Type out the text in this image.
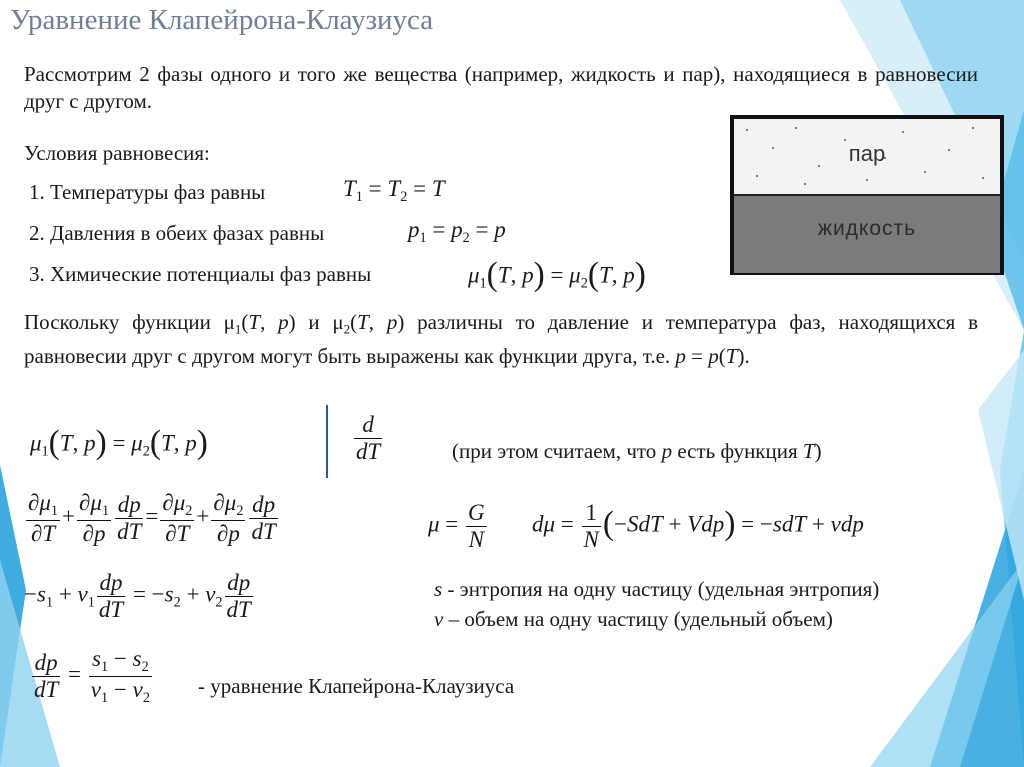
Уравнение Клапейрона-Клаузиуса
Рассмотрим 2 фазы одного и того же вещества (например, жидкость и пар), находящиеся в равновесии друг с другом.
Условия равновесия:
1. Температуры фаз равны	$T_1 = T_2 = T$
2. Давления в обеих фазах равны	$p_1 = p_2 = p$
3. Химические потенциалы фаз равны	$\mu_1(T$, $p) = \mu_2(T$, p)
пар
жидкость
Поскольку функции $\mu_1(T$, p) и $\mu_2(T$, p) различны то давление и температура фаз, находящихся в равновесии друг с другом могут быть выражены как функции друга, т.е. p = p(T).
$\mu_1(T$, $p) = \mu_2(T$, p)	$\frac{d}{dT}$	(при этом считаем, что p есть функция T)
$\frac{\partial\mu_1}{\partial T} + \frac{\partial\mu_1}{\partial p} \frac{dp}{dT} = \frac{\partial\mu_2}{\partial T} + \frac{\partial\mu_2}{\partial p} \frac{dp}{dT}$	$\mu = \frac{G}{N}$ $d\mu = \frac{1}{N} (-SdT + Vdp) = -sdT$ + vdp
$-s_1 + v_1 \frac{dp}{dT} = -s_2 + v_2 \frac{dp}{dT}$	s - энтропия на одну частицу (удельная энтропия)
v – объем на одну частицу (удельный объем)
$\frac{dp}{dT} = \frac{s_1 - s_2}{v_1 - v_2}$ - уравнение Клапейрона-Клаузиуса
